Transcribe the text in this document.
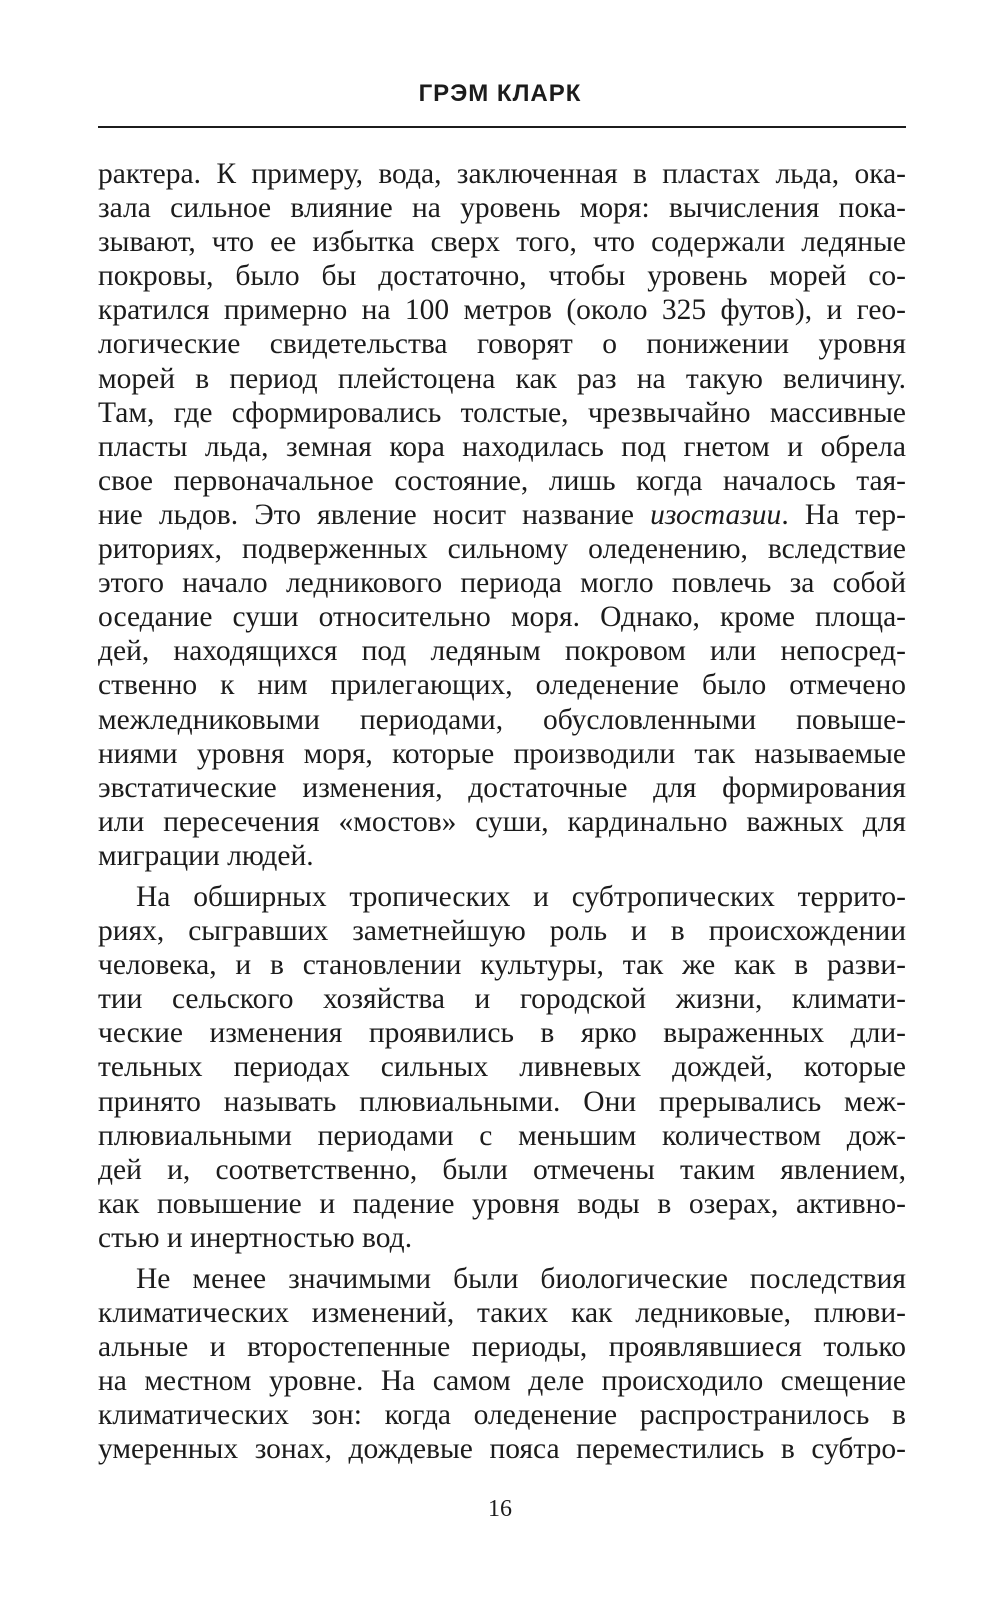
ГРЭМ КЛАРК
рактера. К примеру, вода, заключенная в пластах льда, ока-
зала сильное влияние на уровень моря: вычисления пока-
зывают, что ее избытка сверх того, что содержали ледяные
покровы, было бы достаточно, чтобы уровень морей со-
кратился примерно на 100 метров (около 325 футов), и гео-
логические свидетельства говорят о понижении уровня
морей в период плейстоцена как раз на такую величину.
Там, где сформировались толстые, чрезвычайно массивные
пласты льда, земная кора находилась под гнетом и обрела
свое первоначальное состояние, лишь когда началось тая-
ние льдов. Это явление носит название изостазии. На тер-
риториях, подверженных сильному оледенению, вследствие
этого начало ледникового периода могло повлечь за собой
оседание суши относительно моря. Однако, кроме площа-
дей, находящихся под ледяным покровом или непосред-
ственно к ним прилегающих, оледенение было отмечено
межледниковыми периодами, обусловленными повыше-
ниями уровня моря, которые производили так называемые
эвстатические изменения, достаточные для формирования
или пересечения «мостов» суши, кардинально важных для
миграции людей.
На обширных тропических и субтропических террито-
риях, сыгравших заметнейшую роль и в происхождении
человека, и в становлении культуры, так же как в разви-
тии сельского хозяйства и городской жизни, климати-
ческие изменения проявились в ярко выраженных дли-
тельных периодах сильных ливневых дождей, которые
принято называть плювиальными. Они прерывались меж-
плювиальными периодами с меньшим количеством дож-
дей и, соответственно, были отмечены таким явлением,
как повышение и падение уровня воды в озерах, активно-
стью и инертностью вод.
Не менее значимыми были биологические последствия
климатических изменений, таких как ледниковые, плюви-
альные и второстепенные периоды, проявлявшиеся только
на местном уровне. На самом деле происходило смещение
климатических зон: когда оледенение распространилось в
умеренных зонах, дождевые пояса переместились в субтро-
16
